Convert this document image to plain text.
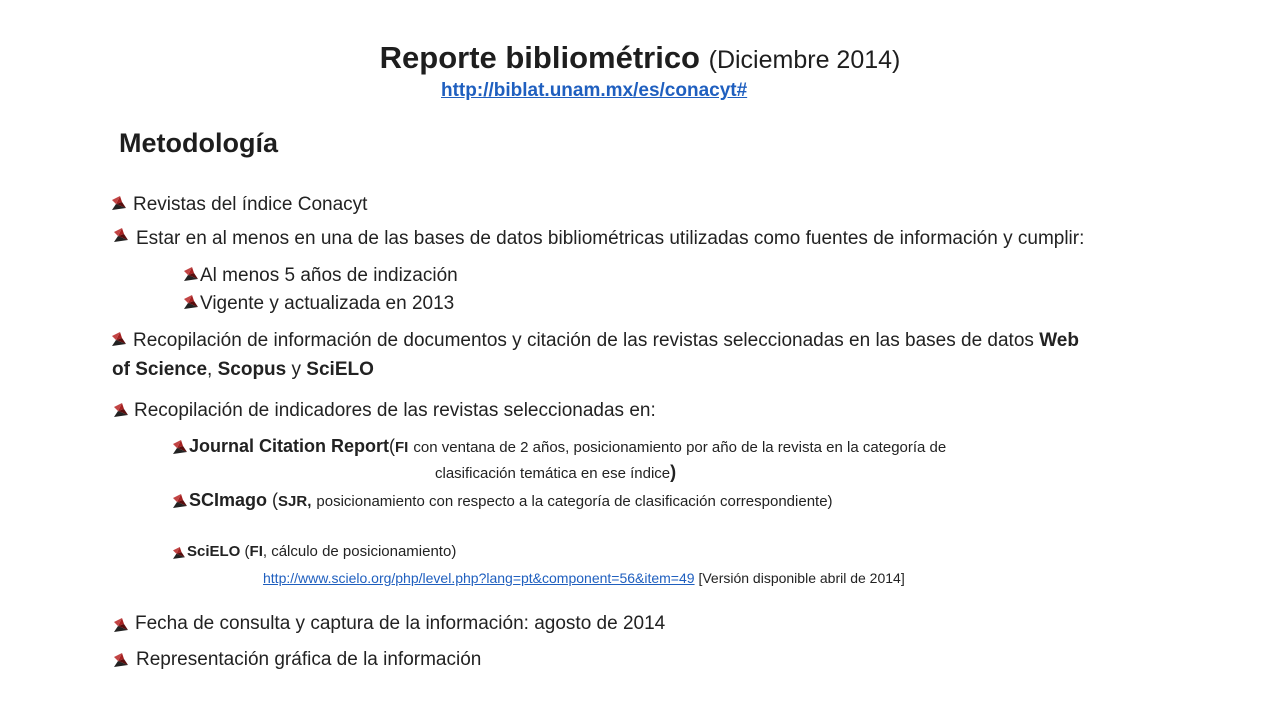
Reporte bibliométrico (Diciembre 2014)
http://biblat.unam.mx/es/conacyt#
Metodología
Revistas del índice Conacyt
Estar en al menos en una de las bases de datos bibliométricas utilizadas como fuentes de información y cumplir:
Al menos 5 años de indización
Vigente y actualizada en 2013
Recopilación de información de documentos y citación de las revistas seleccionadas en las bases de datos Web
of Science, Scopus y SciELO
Recopilación de indicadores de las revistas seleccionadas en:
Journal Citation Report(FI con ventana de 2 años, posicionamiento por año de la revista en la categoría de
clasificación temática en ese índice)
SCImago (SJR, posicionamiento con respecto a la categoría de clasificación correspondiente)
SciELO (FI, cálculo de posicionamiento)
http://www.scielo.org/php/level.php?lang=pt&component=56&item=49 [Versión disponible abril de 2014]
Fecha de consulta y captura de la información: agosto de 2014
Representación gráfica de la información
